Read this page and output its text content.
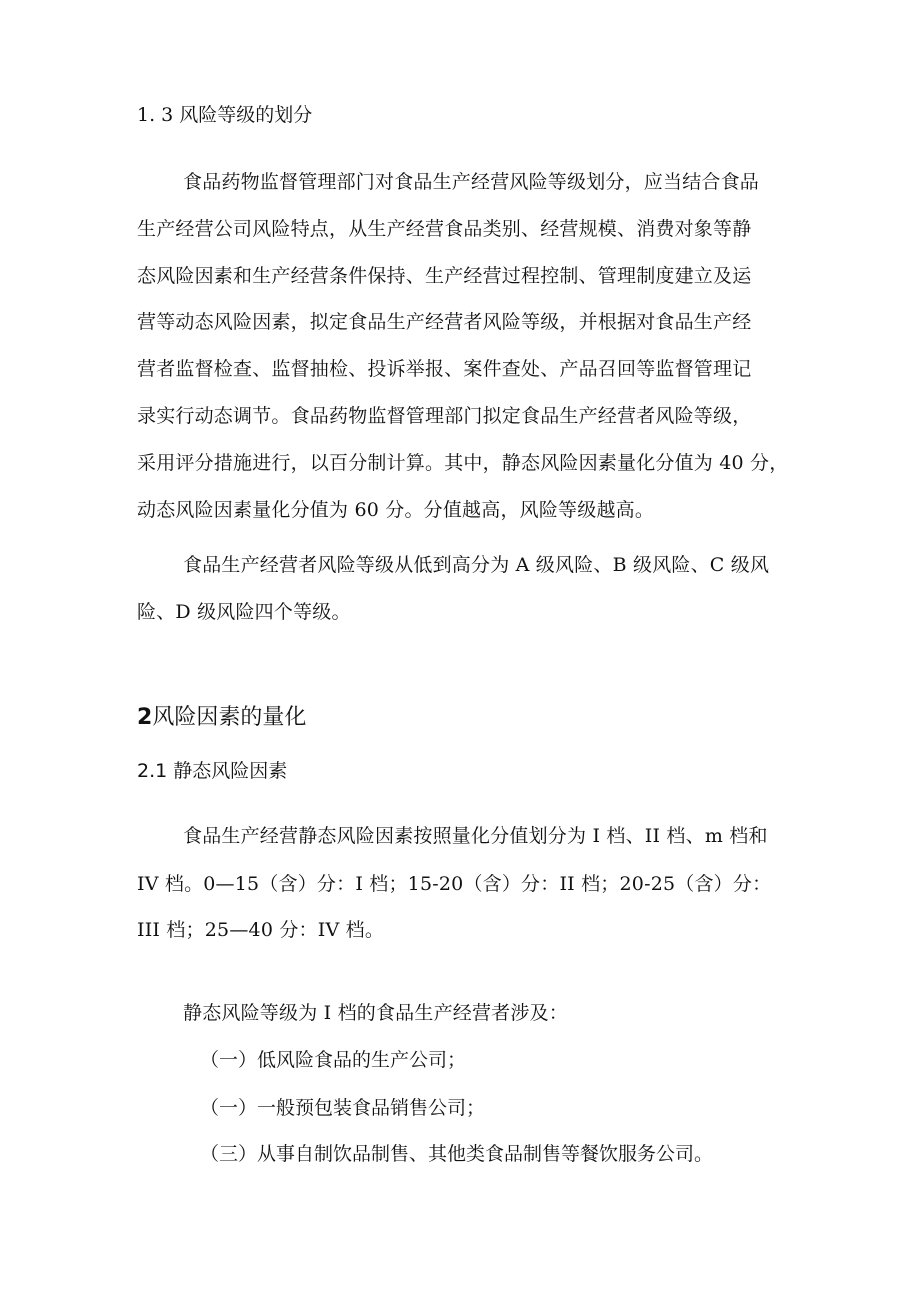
1. 3 风险等级的划分
食品药物监督管理部门对食品生产经营风险等级划分，应当结合食品
生产经营公司风险特点，从生产经营食品类别、经营规模、消费对象等静
态风险因素和生产经营条件保持、生产经营过程控制、管理制度建立及运
营等动态风险因素，拟定食品生产经营者风险等级，并根据对食品生产经
营者监督检查、监督抽检、投诉举报、案件查处、产品召回等监督管理记
录实行动态调节。食品药物监督管理部门拟定食品生产经营者风险等级，
采用评分措施进行，以百分制计算。其中，静态风险因素量化分值为 40 分，
动态风险因素量化分值为 60 分。分值越高，风险等级越高。
食品生产经营者风险等级从低到高分为 A 级风险、B 级风险、C 级风
险、D 级风险四个等级。
2风险因素的量化
2.1 静态风险因素
食品生产经营静态风险因素按照量化分值划分为 I 档、II 档、m 档和
IV 档。0—15（含）分：I 档；15-20（含）分：II 档；20-25（含）分：
III 档；25—40 分：IV 档。
静态风险等级为 I 档的食品生产经营者涉及：
（一）低风险食品的生产公司；
（一）一般预包装食品销售公司；
（三）从事自制饮品制售、其他类食品制售等餐饮服务公司。
